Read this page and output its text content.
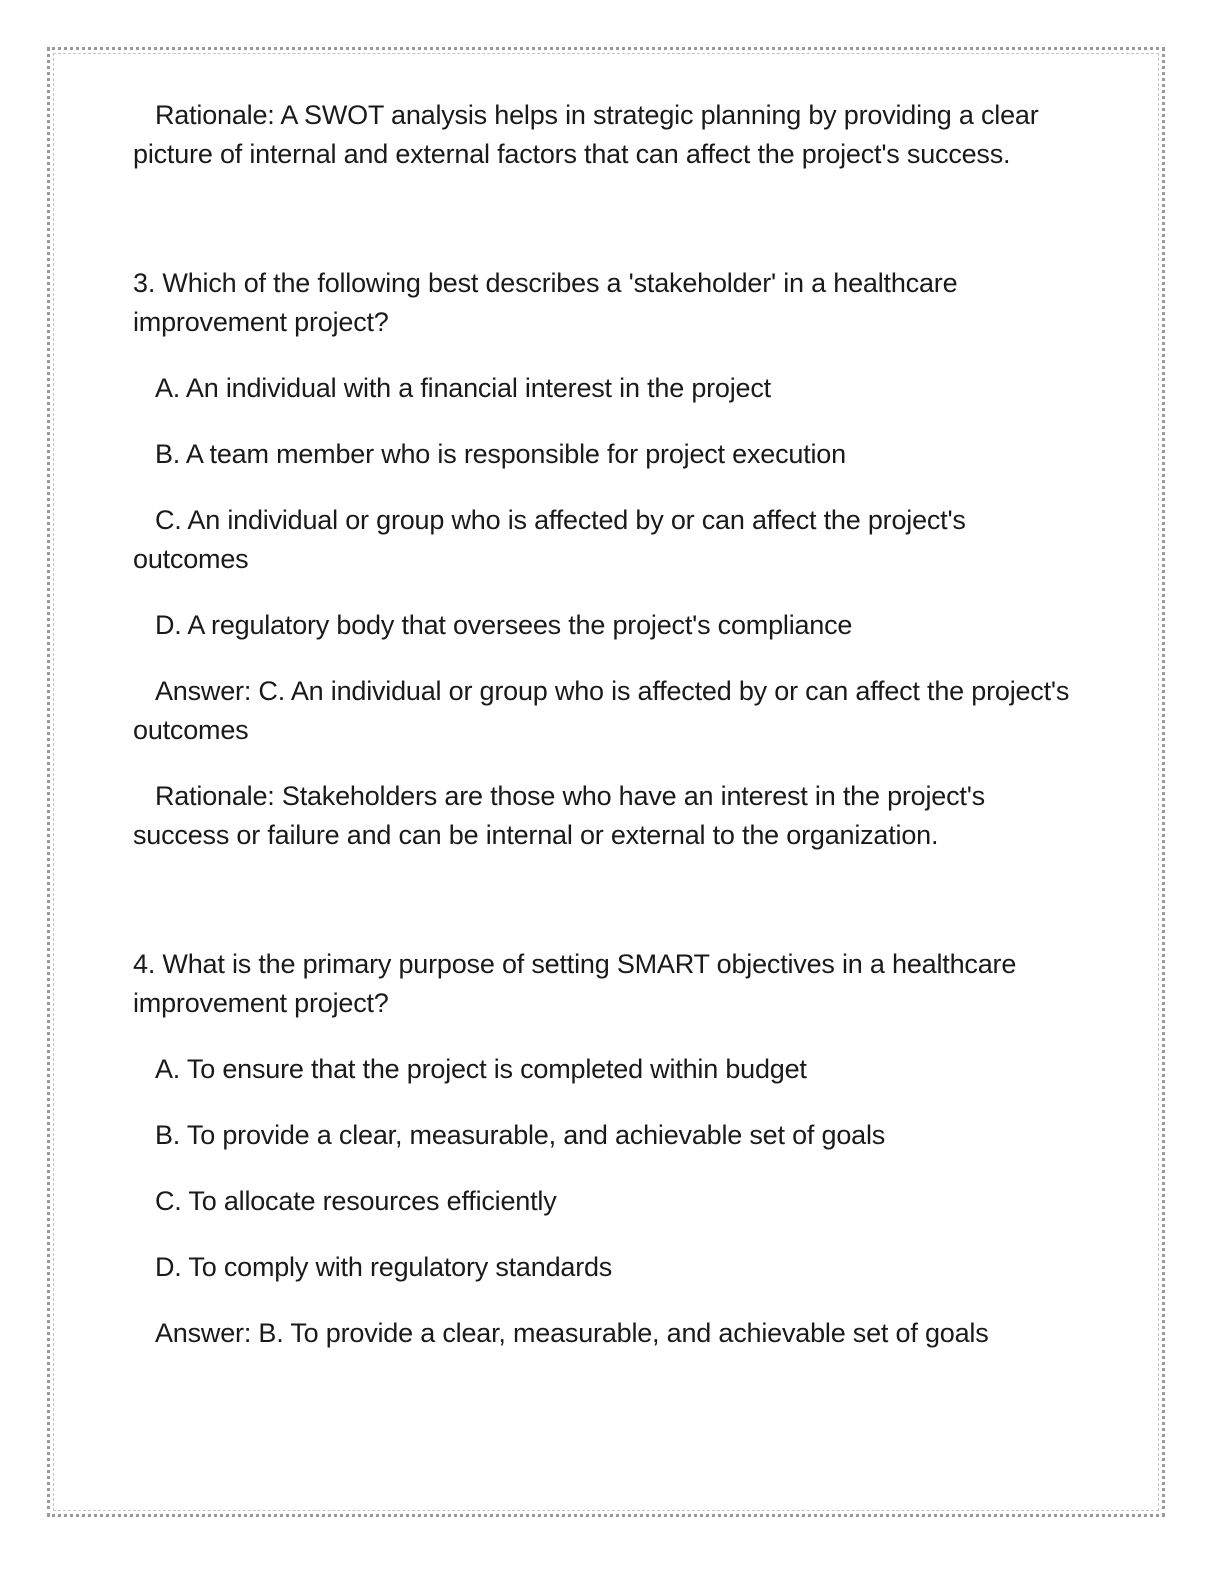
Rationale: A SWOT analysis helps in strategic planning by providing a clear picture of internal and external factors that can affect the project's success.

3. Which of the following best describes a 'stakeholder' in a healthcare improvement project?

A. An individual with a financial interest in the project

B. A team member who is responsible for project execution

C. An individual or group who is affected by or can affect the project's outcomes

D. A regulatory body that oversees the project's compliance

Answer: C. An individual or group who is affected by or can affect the project's outcomes

Rationale: Stakeholders are those who have an interest in the project's success or failure and can be internal or external to the organization.

4. What is the primary purpose of setting SMART objectives in a healthcare improvement project?

A. To ensure that the project is completed within budget

B. To provide a clear, measurable, and achievable set of goals

C. To allocate resources efficiently

D. To comply with regulatory standards

Answer: B. To provide a clear, measurable, and achievable set of goals
